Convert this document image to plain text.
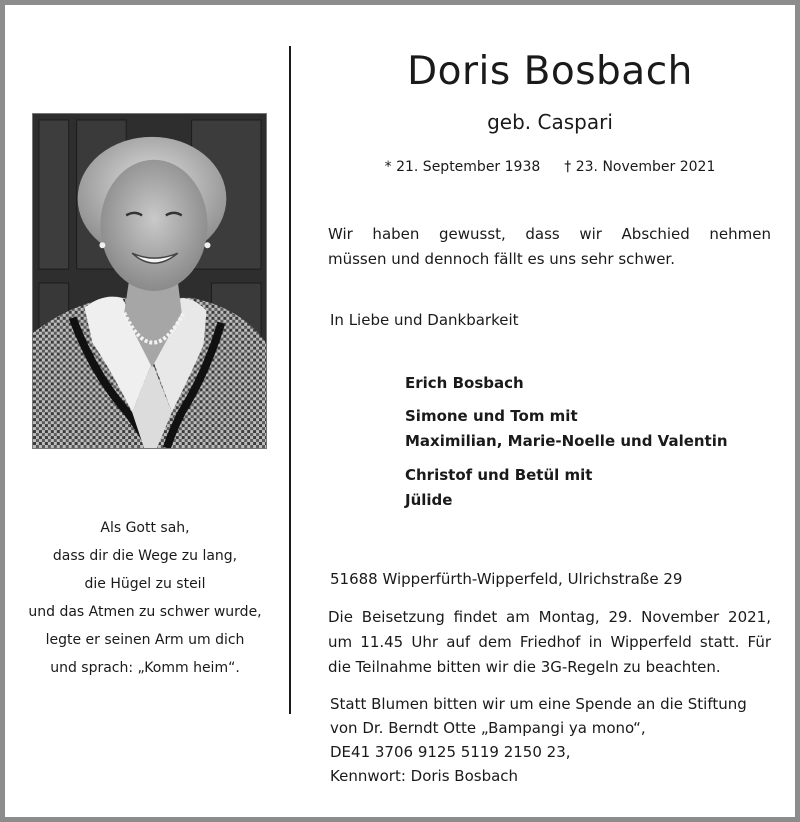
Als Gott sah,
dass dir die Wege zu lang,
die Hügel zu steil
und das Atmen zu schwer wurde,
legte er seinen Arm um dich
und sprach: „Komm heim“.
Doris Bosbach
geb. Caspari
* 21. September 1938 † 23. November 2021
Wir haben gewusst, dass wir Abschied nehmen
müssen und dennoch fällt es uns sehr schwer.
In Liebe und Dankbarkeit
Erich Bosbach
Simone und Tom mit
Maximilian, Marie-Noelle und Valentin
Christof und Betül mit
Jülide
51688 Wipperfürth-Wipperfeld, Ulrichstraße 29
Die Beisetzung findet am Montag, 29. November 2021,
um 11.45 Uhr auf dem Friedhof in Wipperfeld statt. Für
die Teilnahme bitten wir die 3G-Regeln zu beachten.
Statt Blumen bitten wir um eine Spende an die Stiftung
von Dr. Berndt Otte „Bampangi ya mono“,
DE41 3706 9125 5119 2150 23,
Kennwort: Doris Bosbach
